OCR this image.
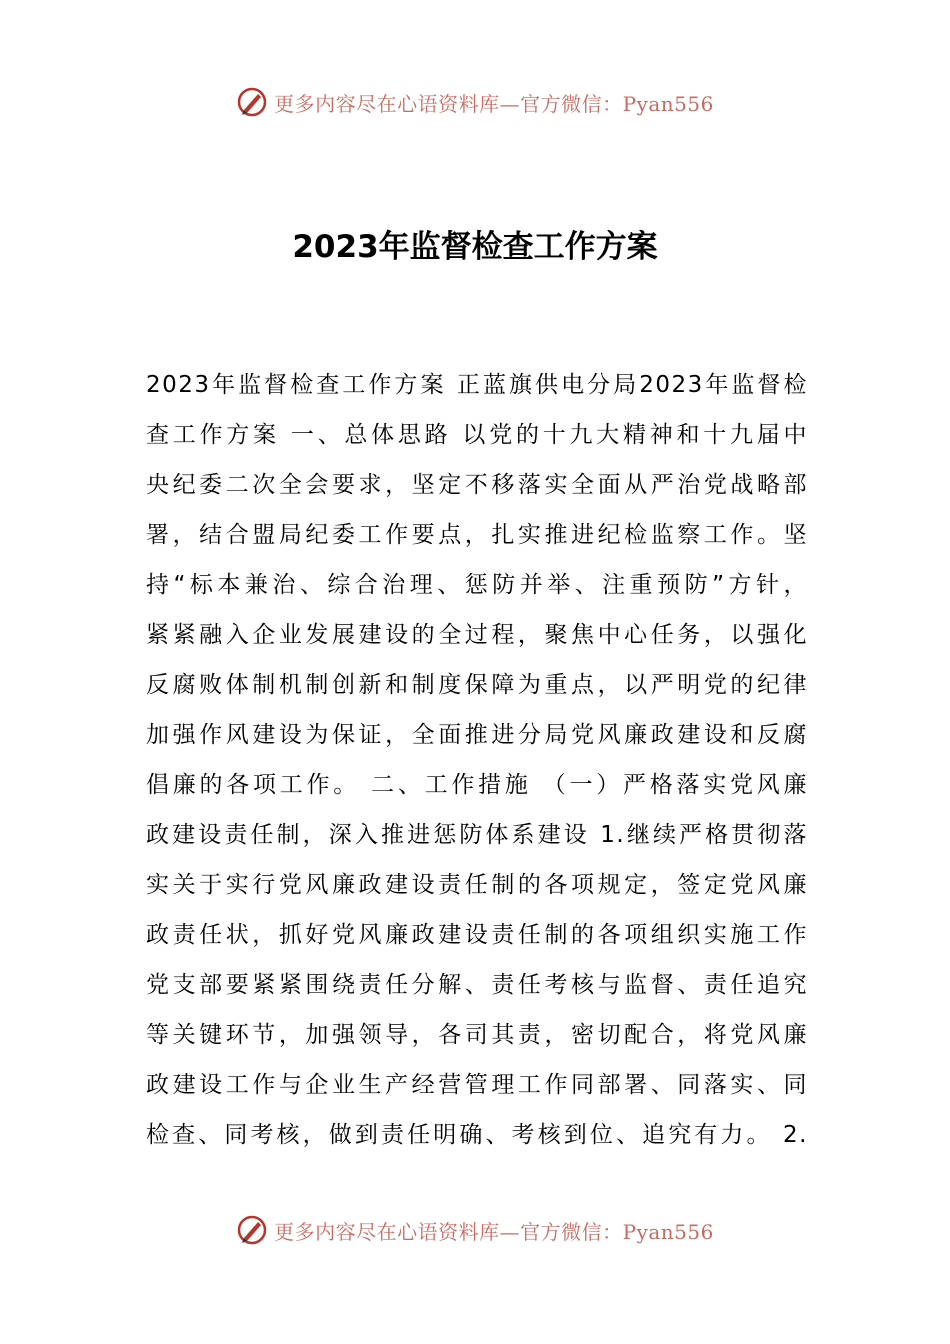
更多内容尽在心语资料库—官方微信：Pyan556
2023年监督检查工作方案
2023年监督检查工作方案 正蓝旗供电分局2023年监督检
查工作方案 一、总体思路 以党的十九大精神和十九届中
央纪委二次全会要求，坚定不移落实全面从严治党战略部
署，结合盟局纪委工作要点，扎实推进纪检监察工作。坚
持“标本兼治、综合治理、惩防并举、注重预防”方针，
紧紧融入企业发展建设的全过程，聚焦中心任务，以强化
反腐败体制机制创新和制度保障为重点，以严明党的纪律
加强作风建设为保证，全面推进分局党风廉政建设和反腐
倡廉的各项工作。 二、工作措施 （一）严格落实党风廉
政建设责任制，深入推进惩防体系建设 1.继续严格贯彻落
实关于实行党风廉政建设责任制的各项规定，签定党风廉
政责任状，抓好党风廉政建设责任制的各项组织实施工作
党支部要紧紧围绕责任分解、责任考核与监督、责任追究
等关键环节，加强领导，各司其责，密切配合，将党风廉
政建设工作与企业生产经营管理工作同部署、同落实、同
检查、同考核，做到责任明确、考核到位、追究有力。 2.
更多内容尽在心语资料库—官方微信：Pyan556
